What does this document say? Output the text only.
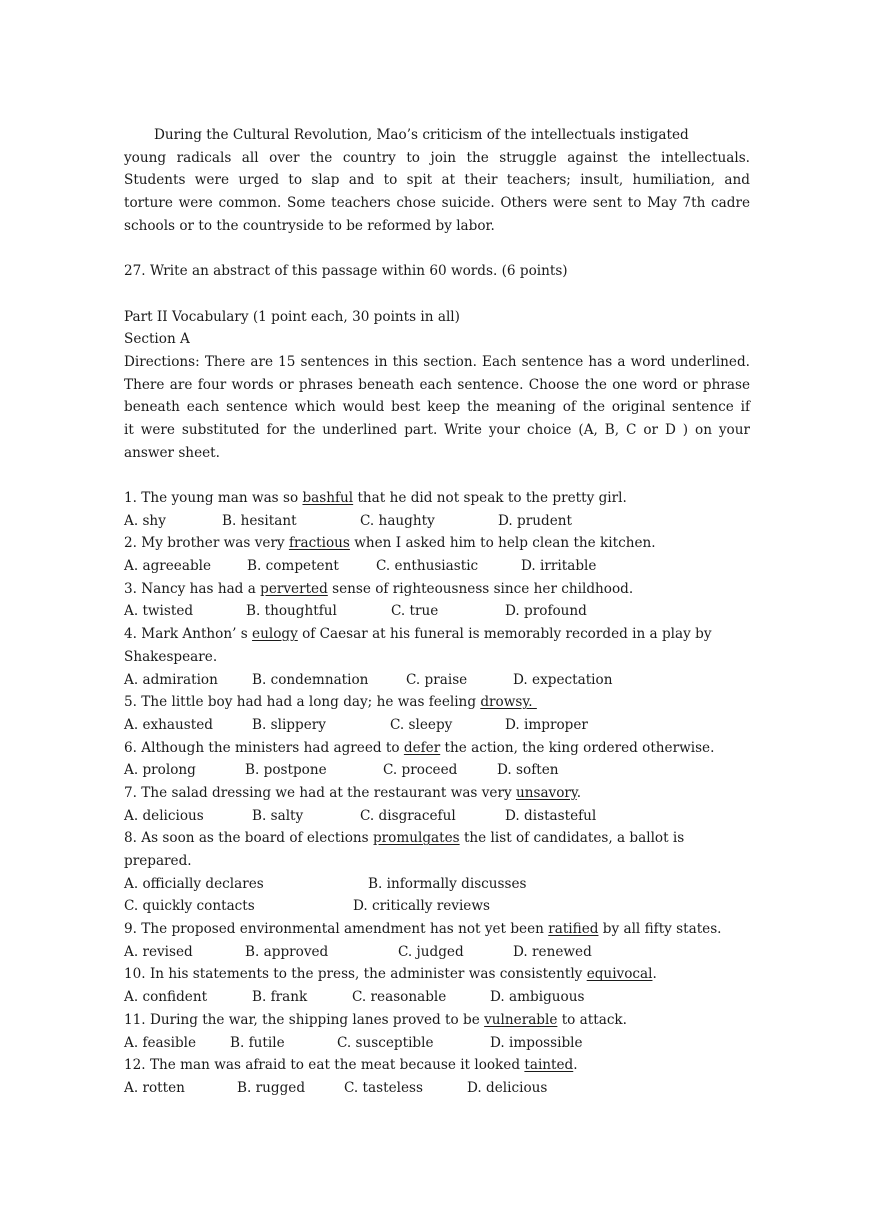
During the Cultural Revolution, Mao’s criticism of the intellectuals instigated
young radicals all over the country to join the struggle against the intellectuals.
Students were urged to slap and to spit at their teachers; insult, humiliation, and
torture were common. Some teachers chose suicide. Others were sent to May 7th cadre
schools or to the countryside to be reformed by labor.
27. Write an abstract of this passage within 60 words. (6 points)
Part II Vocabulary (1 point each, 30 points in all)
Section A
Directions: There are 15 sentences in this section. Each sentence has a word underlined.
There are four words or phrases beneath each sentence. Choose the one word or phrase
beneath each sentence which would best keep the meaning of the original sentence if
it were substituted for the underlined part. Write your choice (A, B, C or D ) on your
answer sheet.
1. The young man was so bashful that he did not speak to the pretty girl.
A. shy	B. hesitant	C. haughty	D. prudent
2. My brother was very fractious when I asked him to help clean the kitchen.
A. agreeable	B. competent	C. enthusiastic	D. irritable
3. Nancy has had a perverted sense of righteousness since her childhood.
A. twisted	B. thoughtful	C. true	D. profound
4. Mark Anthon’ s eulogy of Caesar at his funeral is memorably recorded in a play by
Shakespeare.
A. admiration	B. condemnation	C. praise	D. expectation
5. The little boy had had a long day; he was feeling drowsy.
A. exhausted	B. slippery	C. sleepy	D. improper
6. Although the ministers had agreed to defer the action, the king ordered otherwise.
A. prolong	B. postpone	C. proceed	D. soften
7. The salad dressing we had at the restaurant was very unsavory.
A. delicious	B. salty	C. disgraceful	D. distasteful
8. As soon as the board of elections promulgates the list of candidates, a ballot is
prepared.
A. officially declares	B. informally discusses
C. quickly contacts	D. critically reviews
9. The proposed environmental amendment has not yet been ratified by all fifty states.
A. revised	B. approved	C. judged	D. renewed
10. In his statements to the press, the administer was consistently equivocal.
A. confident	B. frank	C. reasonable	D. ambiguous
11. During the war, the shipping lanes proved to be vulnerable to attack.
A. feasible B. futile	C. susceptible	D. impossible
12. The man was afraid to eat the meat because it looked tainted.
A. rotten	B. rugged	C. tasteless	D. delicious
